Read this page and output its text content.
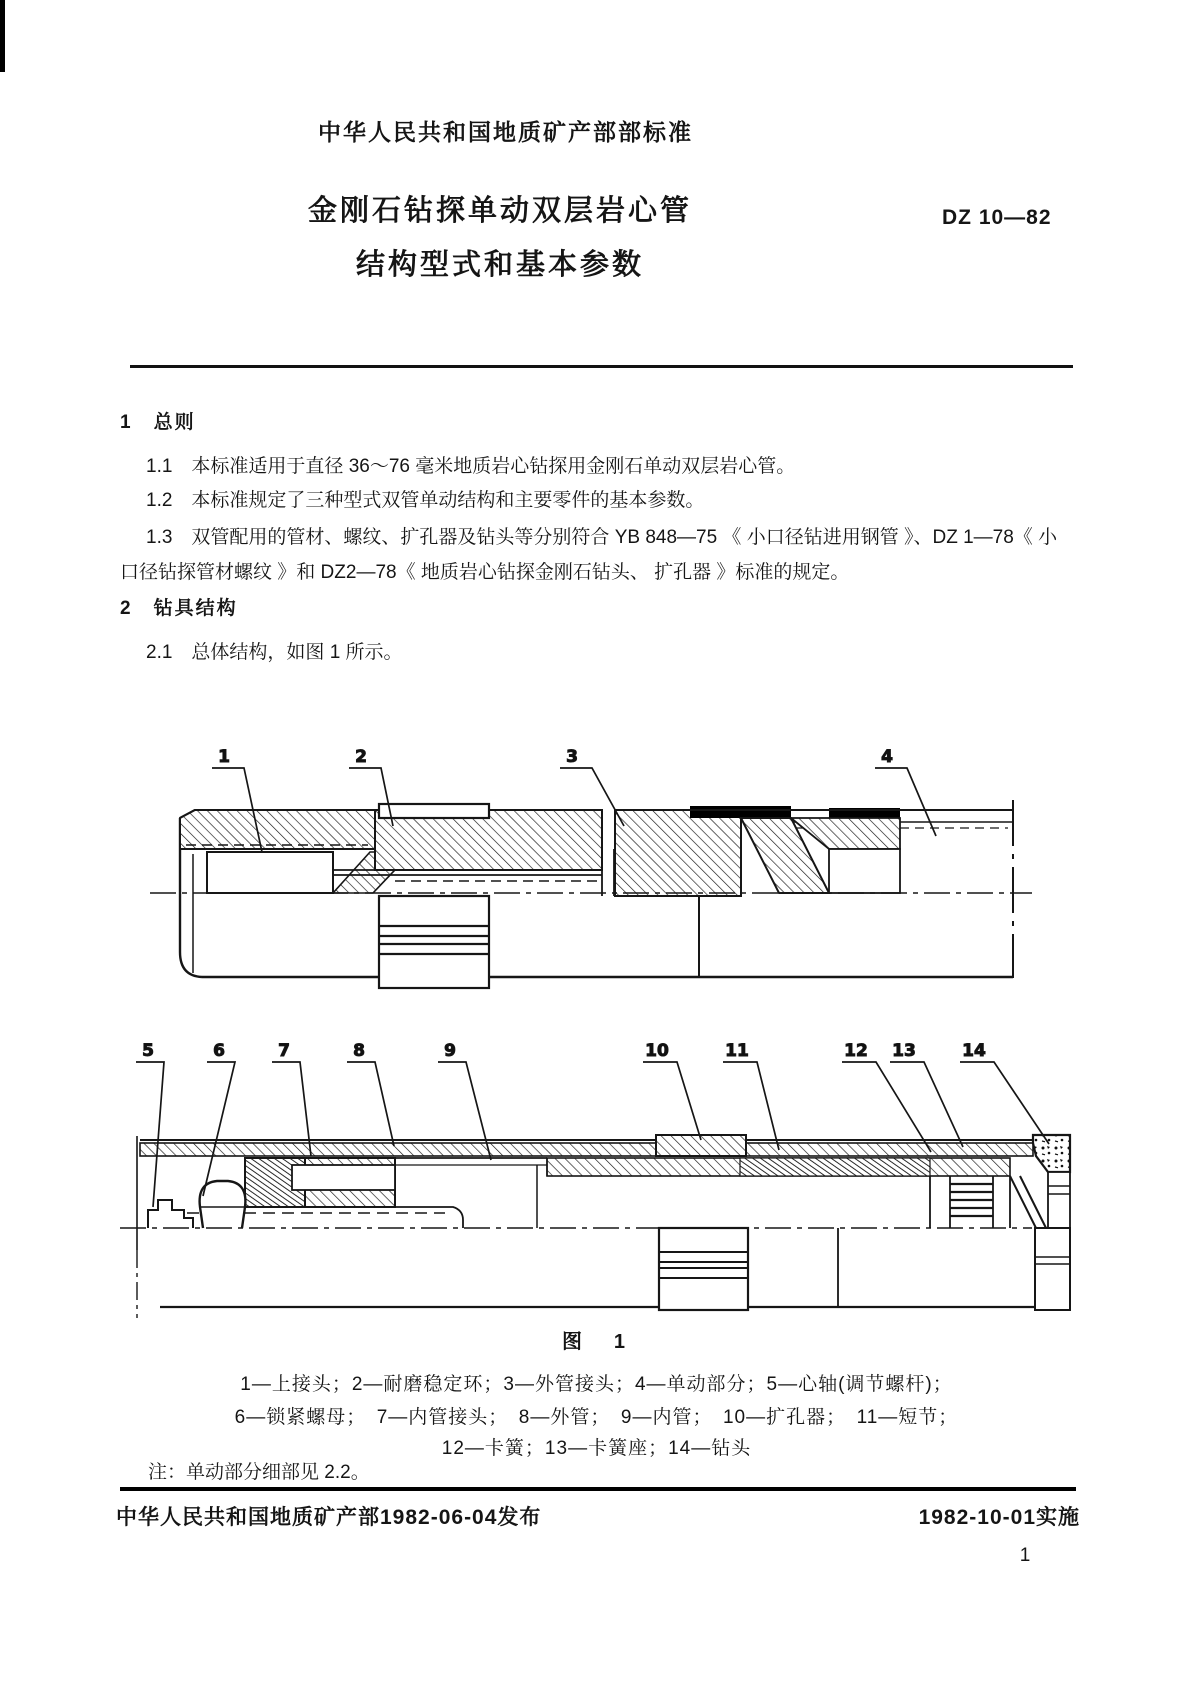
中华人民共和国地质矿产部部标准
金刚石钻探单动双层岩心管
结构型式和基本参数
DZ 10—82
1　总则
1.1　本标准适用于直径 36～76 毫米地质岩心钻探用金刚石单动双层岩心管。
1.2　本标准规定了三种型式双管单动结构和主要零件的基本参数。
1.3　双管配用的管材、螺纹、扩孔器及钻头等分别符合 YB 848—75 《 小口径钻进用钢管 》、DZ 1—78《 小口径钻探管材螺纹 》和 DZ2—78《 地质岩心钻探金刚石钻头、 扩孔器 》标准的规定。
2　钻具结构
2.1　总体结构，如图 1 所示。
1	2	3	4
5	6	7	8	9	10	11	12 13	14
图　1
1—上接头；2—耐磨稳定环；3—外管接头；4—单动部分；5—心轴(调节螺杆)；
6—锁紧螺母；　7—内管接头；　8—外管；　9—内管；　10—扩孔器；　11—短节；
12—卡簧；13—卡簧座；14—钻头
注：单动部分细部见 2.2。
中华人民共和国地质矿产部1982-06-04发布	1982-10-01实施
1
